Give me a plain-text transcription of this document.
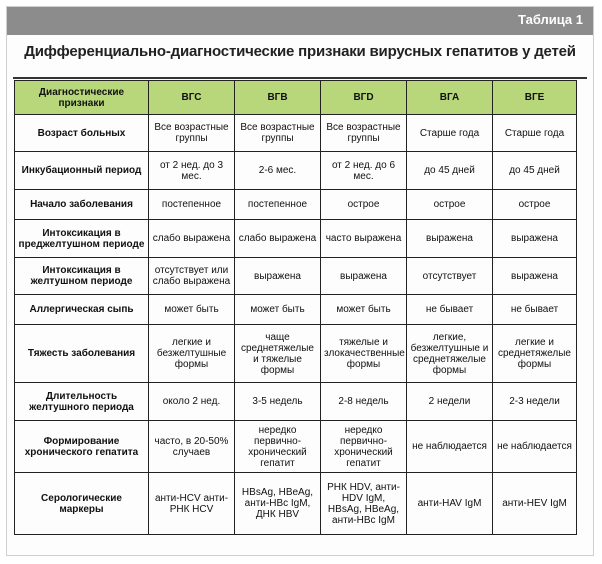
Таблица 1
Дифференциально-диагностические признаки вирусных гепатитов у детей
Диагностические признаки	ВГС	ВГВ	ВГD	ВГА	ВГЕ
Возраст больных	Все возрастные группы	Все возрастные группы	Все возрастные группы	Старше года	Старше года
Инкубационный период	от 2 нед. до 3 мес.	2-6 мес.	от 2 нед. до 6 мес.	до 45 дней	до 45 дней
Начало заболевания	постепенное	постепенное	острое	острое	острое
Интоксикация в преджелтушном периоде	слабо выражена	слабо выражена	часто выражена	выражена	выражена
Интоксикация в желтушном периоде	отсутствует или слабо выражена	выражена	выражена	отсутствует	выражена
Аллергическая сыпь	может быть	может быть	может быть	не бывает	не бывает
Тяжесть заболевания	легкие и безжелтушные формы	чаще среднетяжелые и тяжелые формы	тяжелые и злокачественные формы	легкие, безжелтушные и среднетяжелые формы	легкие и среднетяжелые формы
Длительность желтушного периода	около 2 нед.	3-5 недель	2-8 недель	2 недели	2-3 недели
Формирование хронического гепатита	часто, в 20-50% случаев	нередко первично-хронический гепатит	нередко первично-хронический гепатит	не наблюдается	не наблюдается
Серологические маркеры	анти-HCV анти-РНК HCV	HBsAg, HBeAg, анти-HBc IgM, ДНК HBV	РНК HDV, анти-HDV IgM, HBsAg, HBeAg, анти-HBc IgM	анти-HAV IgM	анти-HEV IgM
